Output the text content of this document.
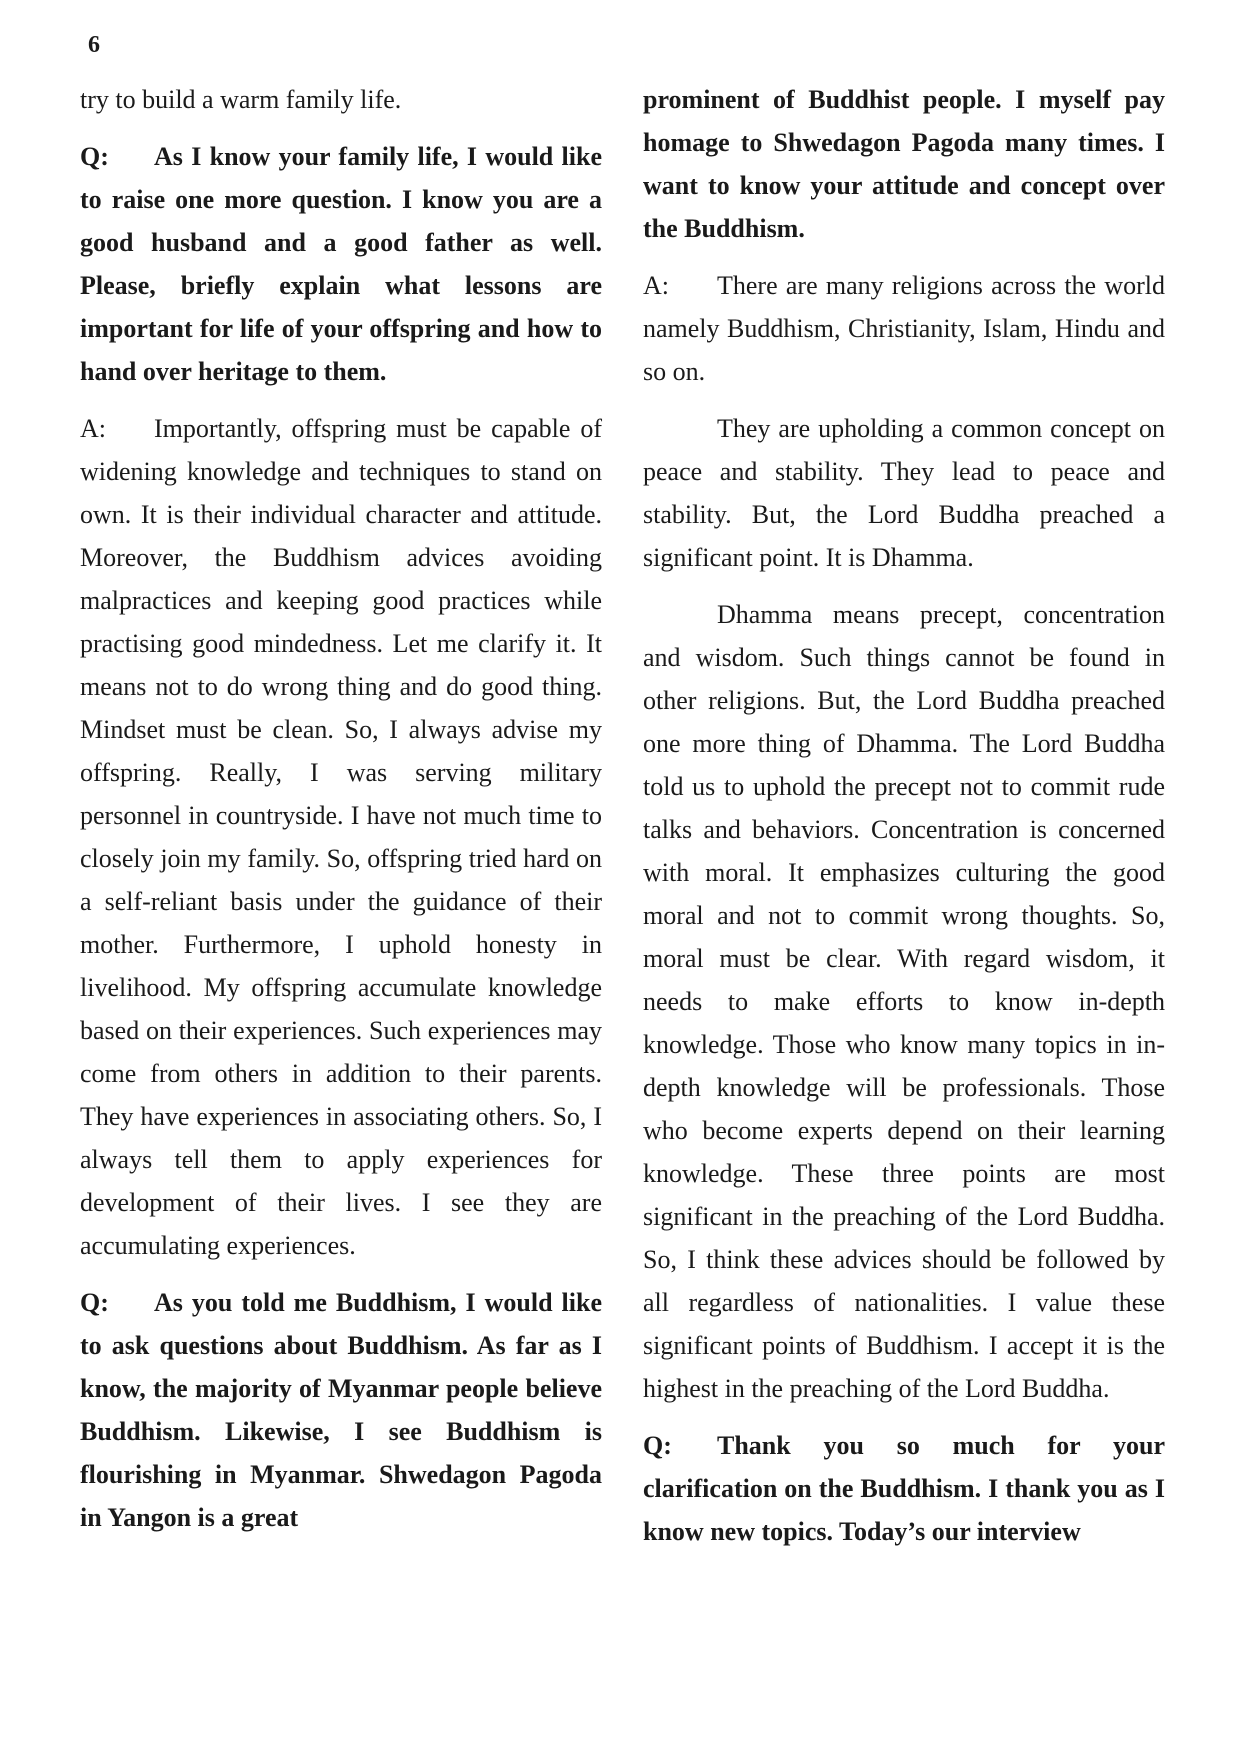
6

try to build a warm family life.

Q: As I know your family life, I would like to raise one more question. I know you are a good husband and a good father as well. Please, briefly explain what lessons are important for life of your offspring and how to hand over heritage to them.

A: Importantly, offspring must be capable of widening knowledge and techniques to stand on own. It is their individual character and attitude. Moreover, the Buddhism advices avoiding malpractices and keeping good practices while practising good mindedness. Let me clarify it. It means not to do wrong thing and do good thing. Mindset must be clean. So, I always advise my offspring. Really, I was serving military personnel in countryside. I have not much time to closely join my family. So, offspring tried hard on a self-reliant basis under the guidance of their mother. Furthermore, I uphold honesty in livelihood. My offspring accumulate knowledge based on their experiences. Such experiences may come from others in addition to their parents. They have experiences in associating others. So, I always tell them to apply experiences for development of their lives. I see they are accumulating experiences.

Q: As you told me Buddhism, I would like to ask questions about Buddhism. As far as I know, the majority of Myanmar people believe Buddhism. Likewise, I see Buddhism is flourishing in Myanmar. Shwedagon Pagoda in Yangon is a great

prominent of Buddhist people. I myself pay homage to Shwedagon Pagoda many times. I want to know your attitude and concept over the Buddhism.

A: There are many religions across the world namely Buddhism, Christianity, Islam, Hindu and so on.

They are upholding a common concept on peace and stability. They lead to peace and stability. But, the Lord Buddha preached a significant point. It is Dhamma.

Dhamma means precept, concentration and wisdom. Such things cannot be found in other religions. But, the Lord Buddha preached one more thing of Dhamma. The Lord Buddha told us to uphold the precept not to commit rude talks and behaviors. Concentration is concerned with moral. It emphasizes culturing the good moral and not to commit wrong thoughts. So, moral must be clear. With regard wisdom, it needs to make efforts to know in-depth knowledge. Those who know many topics in in-depth knowledge will be professionals. Those who become experts depend on their learning knowledge. These three points are most significant in the preaching of the Lord Buddha. So, I think these advices should be followed by all regardless of nationalities. I value these significant points of Buddhism. I accept it is the highest in the preaching of the Lord Buddha.

Q: Thank you so much for your clarification on the Buddhism. I thank you as I know new topics. Today’s our interview
